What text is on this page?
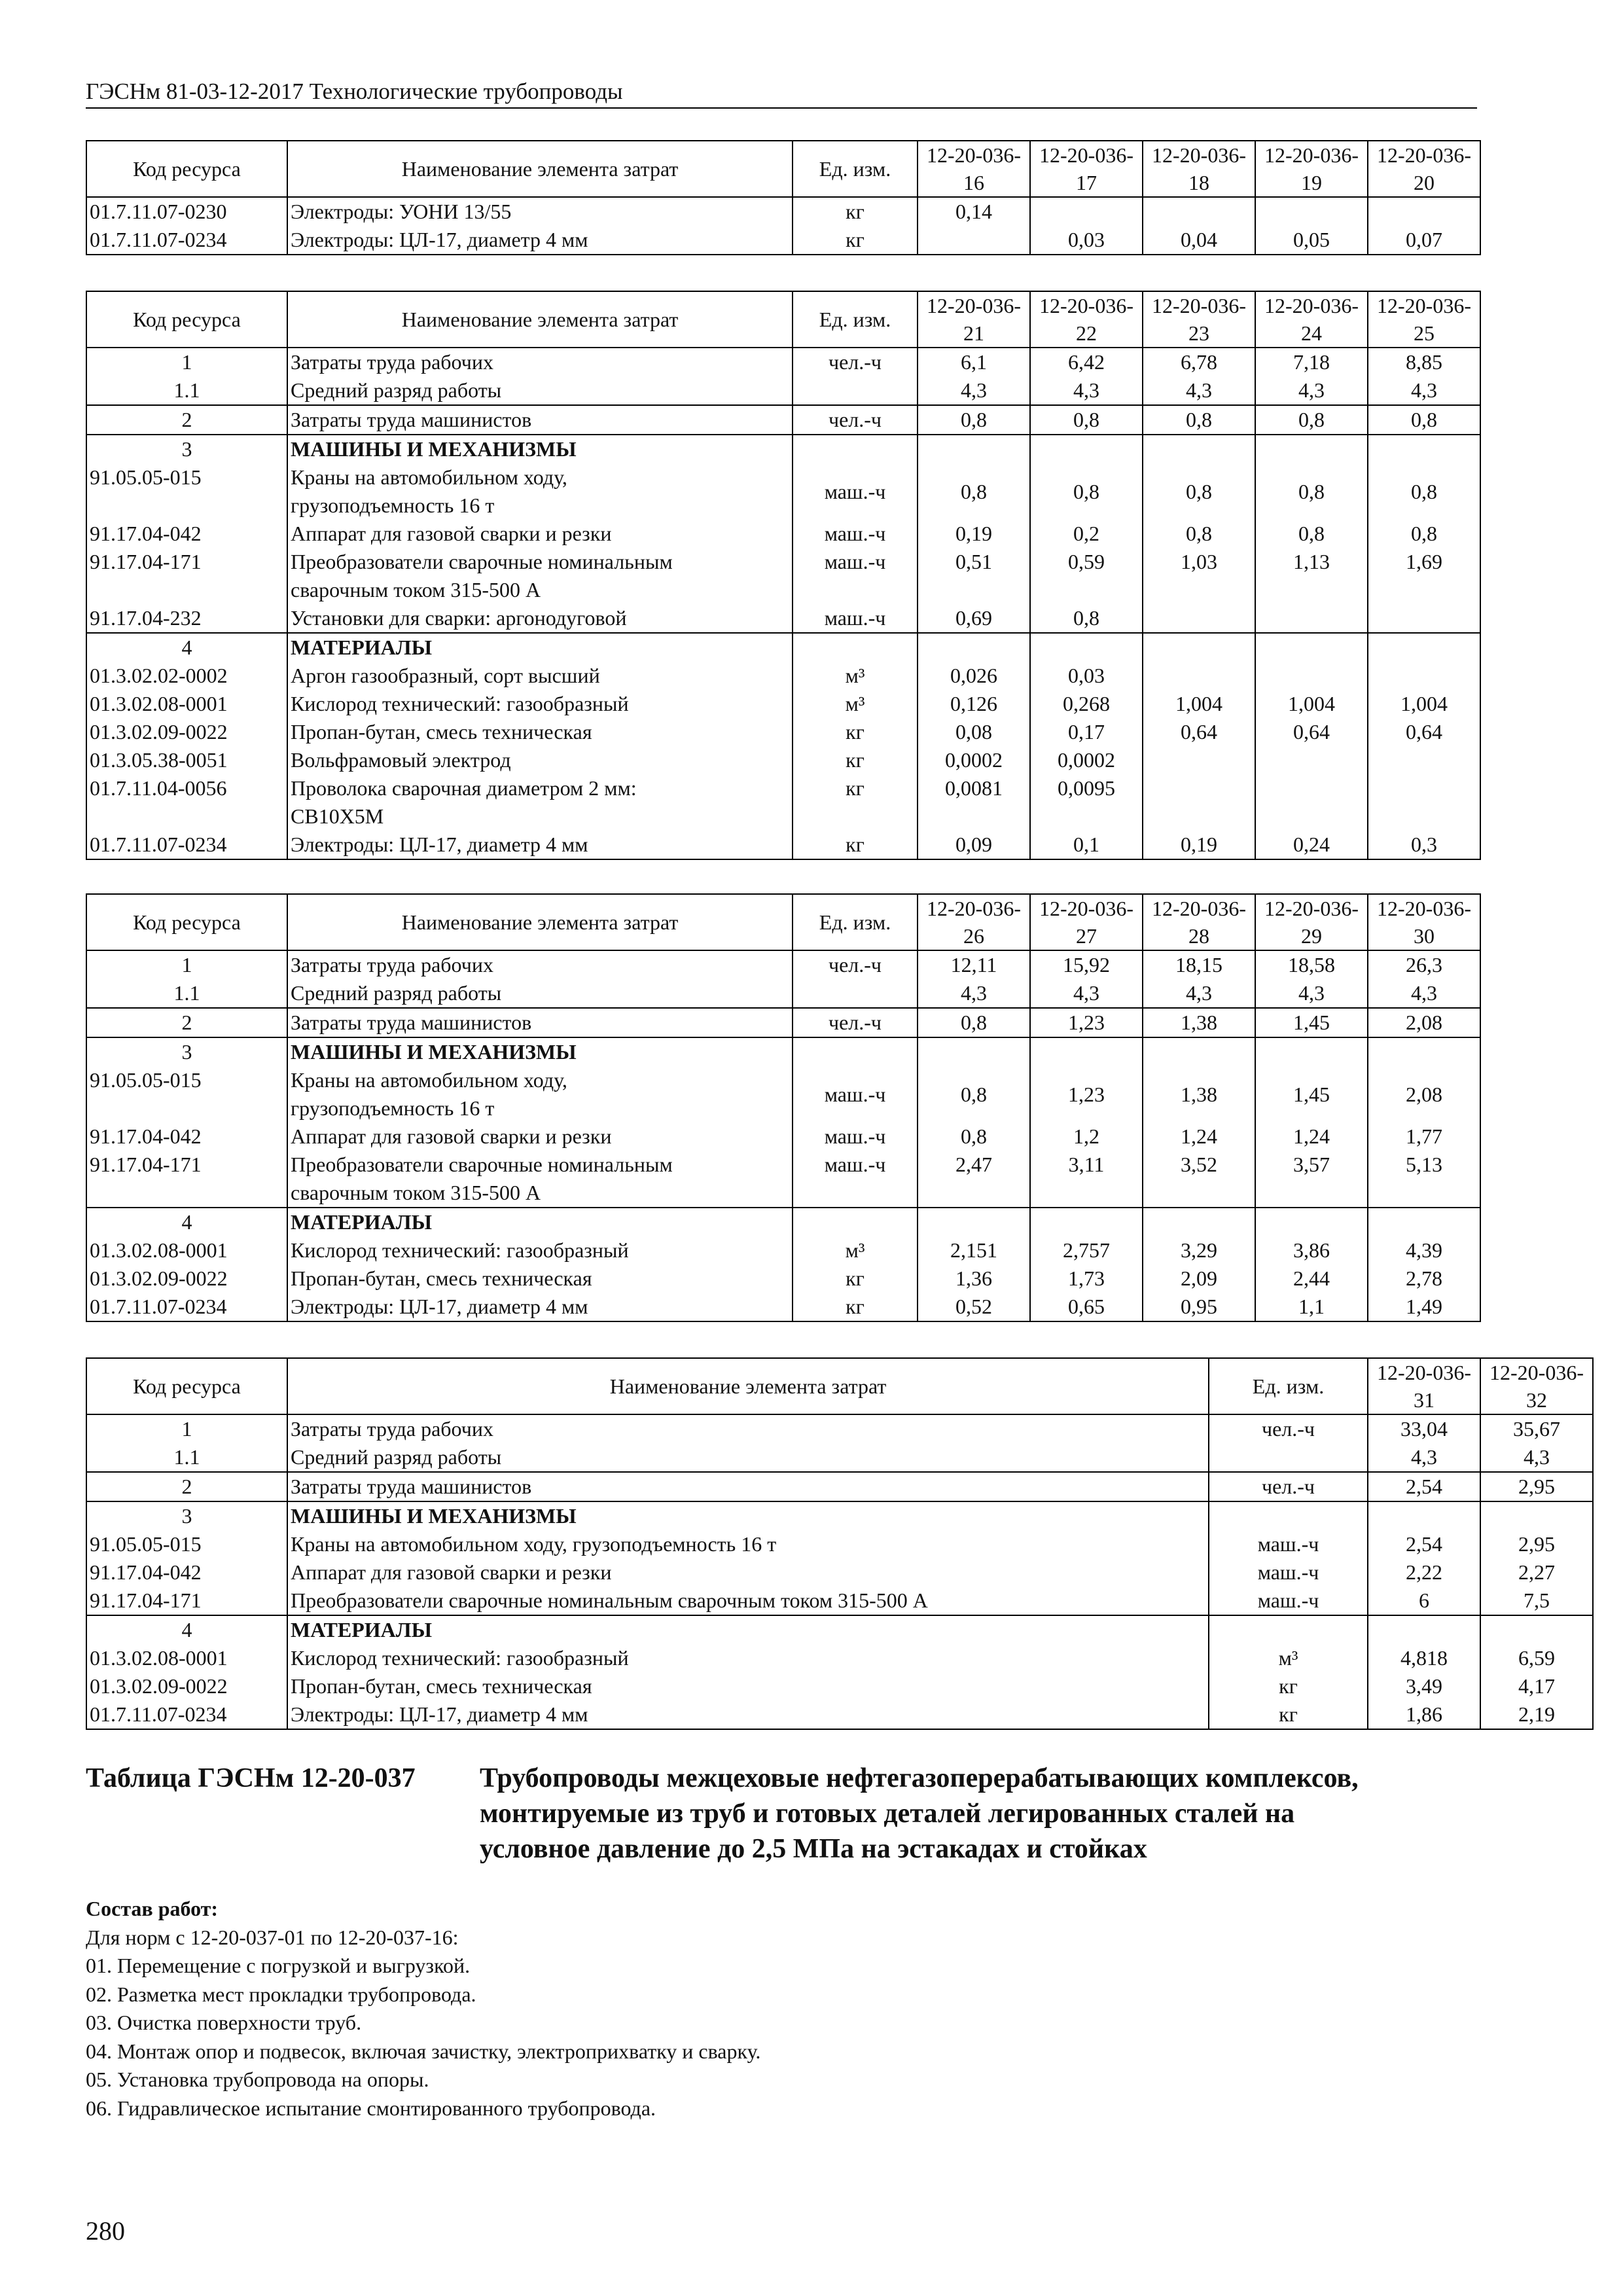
ГЭСНм 81-03-12-2017 Технологические трубопроводы
Код ресурса	Наименование элемента затрат	Ед. изм.	12-20-036-16	12-20-036-17	12-20-036-18	12-20-036-19	12-20-036-20
01.7.11.07-0230	Электроды: УОНИ 13/55	кг	0,14				
01.7.11.07-0234	Электроды: ЦЛ-17, диаметр 4 мм	кг		0,03	0,04	0,05	0,07
Код ресурса	Наименование элемента затрат	Ед. изм.	12-20-036-21	12-20-036-22	12-20-036-23	12-20-036-24	12-20-036-25
1	Затраты труда рабочих	чел.-ч	6,1	6,42	6,78	7,18	8,85
1.1	Средний разряд работы		4,3	4,3	4,3	4,3	4,3
2	Затраты труда машинистов	чел.-ч	0,8	0,8	0,8	0,8	0,8
3	МАШИНЫ И МЕХАНИЗМЫ						

91.05.05-015	Краны на автомобильном ходу,
грузоподъемность 16 т	маш.-ч	0,8	0,8	0,8	0,8	0,8
91.17.04-042	Аппарат для газовой сварки и резки	маш.-ч	0,19	0,2	0,8	0,8	0,8
91.17.04-171	Преобразователи сварочные номинальным
сварочным током 315-500 А	маш.-ч	0,51	0,59	1,03	1,13	1,69
91.17.04-232	Установки для сварки: аргонодуговой	маш.-ч	0,69	0,8			
4	МАТЕРИАЛЫ						

01.3.02.02-0002	Аргон газообразный, сорт высший	м³	0,026	0,03			
01.3.02.08-0001	Кислород технический: газообразный	м³	0,126	0,268	1,004	1,004	1,004
01.3.02.09-0022	Пропан-бутан, смесь техническая	кг	0,08	0,17	0,64	0,64	0,64
01.3.05.38-0051	Вольфрамовый электрод	кг	0,0002	0,0002			
01.7.11.04-0056	Проволока сварочная диаметром 2 мм:
СВ10Х5М	кг	0,0081	0,0095			
01.7.11.07-0234	Электроды: ЦЛ-17, диаметр 4 мм	кг	0,09	0,1	0,19	0,24	0,3
Код ресурса	Наименование элемента затрат	Ед. изм.	12-20-036-26	12-20-036-27	12-20-036-28	12-20-036-29	12-20-036-30
1	Затраты труда рабочих	чел.-ч	12,11	15,92	18,15	18,58	26,3
1.1	Средний разряд работы		4,3	4,3	4,3	4,3	4,3
2	Затраты труда машинистов	чел.-ч	0,8	1,23	1,38	1,45	2,08
3	МАШИНЫ И МЕХАНИЗМЫ						

91.05.05-015	Краны на автомобильном ходу,
грузоподъемность 16 т	маш.-ч	0,8	1,23	1,38	1,45	2,08
91.17.04-042	Аппарат для газовой сварки и резки	маш.-ч	0,8	1,2	1,24	1,24	1,77
91.17.04-171	Преобразователи сварочные номинальным
сварочным током 315-500 А	маш.-ч	2,47	3,11	3,52	3,57	5,13
4	МАТЕРИАЛЫ						

01.3.02.08-0001	Кислород технический: газообразный	м³	2,151	2,757	3,29	3,86	4,39
01.3.02.09-0022	Пропан-бутан, смесь техническая	кг	1,36	1,73	2,09	2,44	2,78
01.7.11.07-0234	Электроды: ЦЛ-17, диаметр 4 мм	кг	0,52	0,65	0,95	1,1	1,49
Код ресурса	Наименование элемента затрат	Ед. изм.	12-20-036-31	12-20-036-32
1	Затраты труда рабочих	чел.-ч	33,04	35,67
1.1	Средний разряд работы		4,3	4,3
2	Затраты труда машинистов	чел.-ч	2,54	2,95
3	МАШИНЫ И МЕХАНИЗМЫ			

91.05.05-015	Краны на автомобильном ходу, грузоподъемность 16 т	маш.-ч	2,54	2,95
91.17.04-042	Аппарат для газовой сварки и резки	маш.-ч	2,22	2,27
91.17.04-171	Преобразователи сварочные номинальным сварочным током 315-500 А	маш.-ч	6	7,5
4	МАТЕРИАЛЫ			

01.3.02.08-0001	Кислород технический: газообразный	м³	4,818	6,59
01.3.02.09-0022	Пропан-бутан, смесь техническая	кг	3,49	4,17
01.7.11.07-0234	Электроды: ЦЛ-17, диаметр 4 мм	кг	1,86	2,19
Таблица ГЭСНм 12-20-037 Трубопроводы межцеховые нефтегазоперерабатывающих комплексов,
монтируемые из труб и готовых деталей легированных сталей на
условное давление до 2,5 МПа на эстакадах и стойках
Состав работ:
Для норм с 12-20-037-01 по 12-20-037-16:
01. Перемещение с погрузкой и выгрузкой.
02. Разметка мест прокладки трубопровода.
03. Очистка поверхности труб.
04. Монтаж опор и подвесок, включая зачистку, электроприхватку и сварку.
05. Установка трубопровода на опоры.
06. Гидравлическое испытание смонтированного трубопровода.
280
